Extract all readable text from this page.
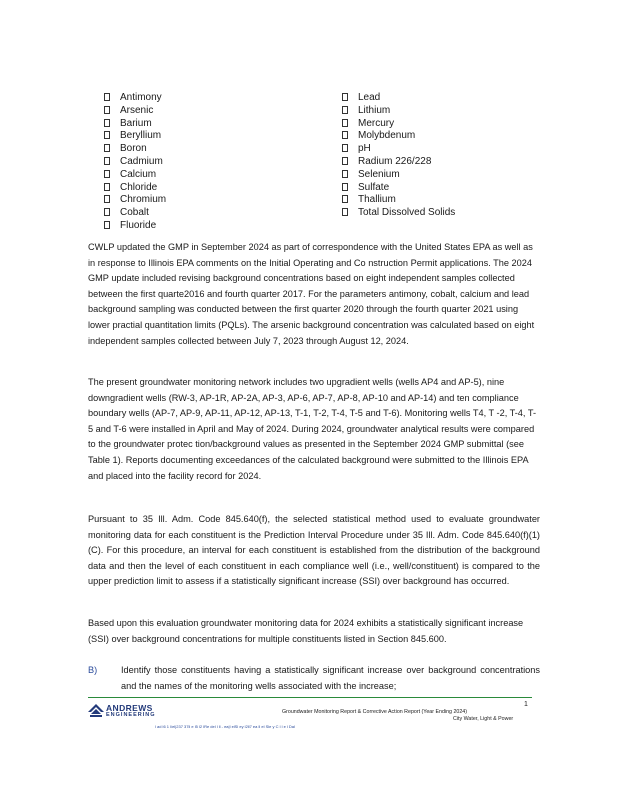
Antimony
Arsenic
Barium
Beryllium
Boron
Cadmium
Calcium
Chloride
Chromium
Cobalt
Fluoride
Lead
Lithium
Mercury
Molybdenum
pH
Radium 226/228
Selenium
Sulfate
Thallium
Total Dissolved Solids

CWLP updated the GMP in September 2024 as part of correspondence with the United States EPA as well as in response to Illinois EPA comments on the Initial Operating and Co nstruction Permit applications. The 2024 GMP update included revising background concentrations based on eight independent samples collected between the first quarte2016 and fourth quarter 2017. For the parameters antimony, cobalt, calcium and lead background sampling was conducted between the first quarter 2020 through the fourth quarter 2021 using lower practial quantitation limits (PQLs). The arsenic background concentration was calculated based on eight independent samples collected between July 7, 2023 through August 12, 2024.

The present groundwater monitoring network includes two upgradient wells (wells AP4 and AP-5), nine downgradient wells (RW-3, AP-1R, AP-2A, AP-3, AP-6, AP-7, AP-8, AP-10 and AP-14) and ten compliance boundary wells (AP-7, AP-9, AP-11, AP-12, AP-13, T-1, T-2, T-4, T-5 and T-6). Monitoring wells T4, T -2, T-4, T-5 and T-6 were installed in April and May of 2024. During 2024, groundwater analytical results were compared to the groundwater protec tion/background values as presented in the September 2024 GMP submittal (see Table 1). Reports documenting exceedances of the calculated background were submitted to the Illinois EPA and placed into the facility record for 2024.

Pursuant to 35 Ill. Adm. Code 845.640(f), the selected statistical method used to evaluate groundwater monitoring data for each constituent is the Prediction Interval Procedure under 35 Ill. Adm. Code 845.640(f)(1)(C). For this procedure, an interval for each constituent is established from the distribution of the background data and then the level of each constituent in each compliance well (i.e., well/constituent) is compared to the upper prediction limit to assess if a statistically significant increase (SSI) over background has occurred.

Based upon this evaluation groundwater monitoring data for 2024 exhibits a statistically significant increase (SSI) over background concentrations for multiple constituents listed in Section 845.600.

B)	Identify those constituents having a statistically significant increase over background concentrations and the names of the monitoring wells associated with the increase;
1
ANDREWS
ENGINEERING	Groundwater Monitoring Report & Corrective Action Report (Year Ending 2024)
City Water, Light & Power
l ad l6 1 l/el|237 37ll e l5 l2 lRe del l ll - ea|l elSl ey l2ll7 ea ll el Sle y C l l e l Dal
